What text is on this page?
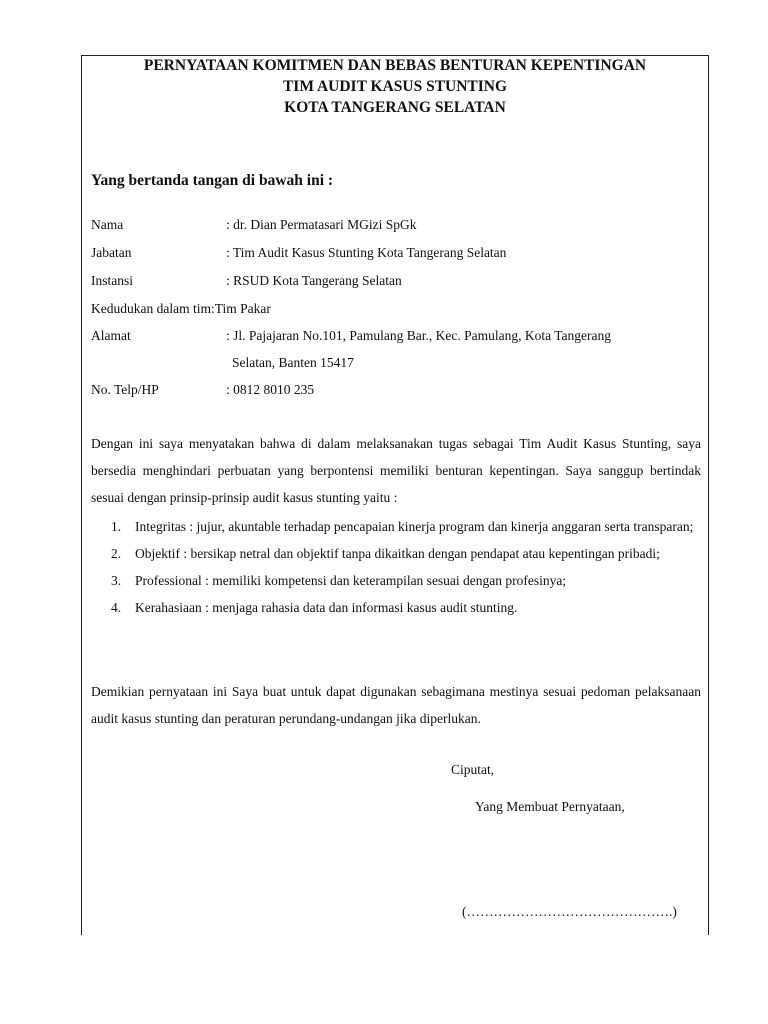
PERNYATAAN KOMITMEN DAN BEBAS BENTURAN KEPENTINGAN
TIM AUDIT KASUS STUNTING
KOTA TANGERANG SELATAN
Yang bertanda tangan di bawah ini :
Nama	: dr. Dian Permatasari MGizi SpGk
Jabatan	: Tim Audit Kasus Stunting Kota Tangerang Selatan
Instansi	: RSUD Kota Tangerang Selatan
Kedudukan dalam tim:Tim Pakar
Alamat	: Jl. Pajajaran No.101, Pamulang Bar., Kec. Pamulang, Kota Tangerang
Selatan, Banten 15417
No. Telp/HP	: 0812 8010 235
Dengan ini saya menyatakan bahwa di dalam melaksanakan tugas sebagai Tim Audit Kasus Stunting, saya bersedia menghindari perbuatan yang berpontensi memiliki benturan kepentingan. Saya sanggup bertindak sesuai dengan prinsip-prinsip audit kasus stunting yaitu :
1. Integritas : jujur, akuntable terhadap pencapaian kinerja program dan kinerja anggaran serta transparan;
2. Objektif : bersikap netral dan objektif tanpa dikaitkan dengan pendapat atau kepentingan pribadi;
3. Professional : memiliki kompetensi dan keterampilan sesuai dengan profesinya;
4. Kerahasiaan : menjaga rahasia data dan informasi kasus audit stunting.
Demikian pernyataan ini Saya buat untuk dapat digunakan sebagimana mestinya sesuai pedoman pelaksanaan audit kasus stunting dan peraturan perundang-undangan jika diperlukan.
Ciputat,
Yang Membuat Pernyataan,
(……………………………………….)
